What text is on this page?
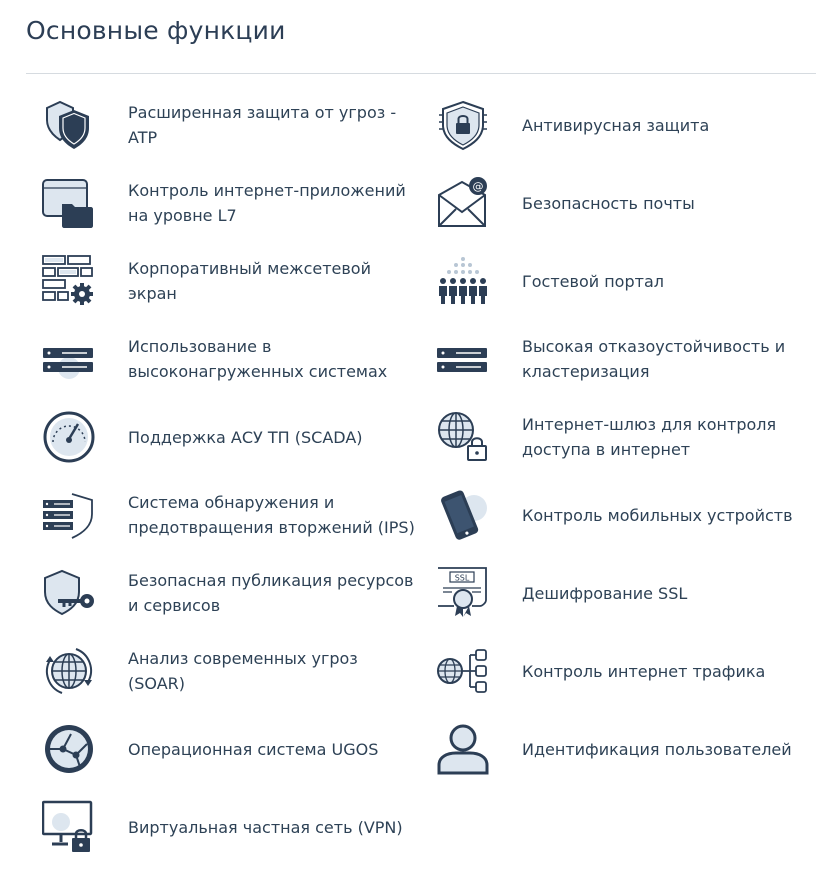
Основные функции
Расширенная защита от угроз - ATP
Антивирусная защита
Контроль интернет-приложений на уровне L7
@
Безопасность почты
Корпоративный межсетевой экран
Гостевой портал
Использование в высоконагруженных системах
Высокая отказоустойчивость и кластеризация
Поддержка АСУ ТП (SCADA)
Интернет-шлюз для контроля доступа в интернет
Система обнаружения и предотвращения вторжений (IPS)
Контроль мобильных устройств
Безопасная публикация ресурсов и сервисов
SSL
Дешифрование SSL
Анализ современных угроз (SOAR)
Контроль интернет трафика
Операционная система UGOS	Идентификация пользователей
Виртуальная частная сеть (VPN)
